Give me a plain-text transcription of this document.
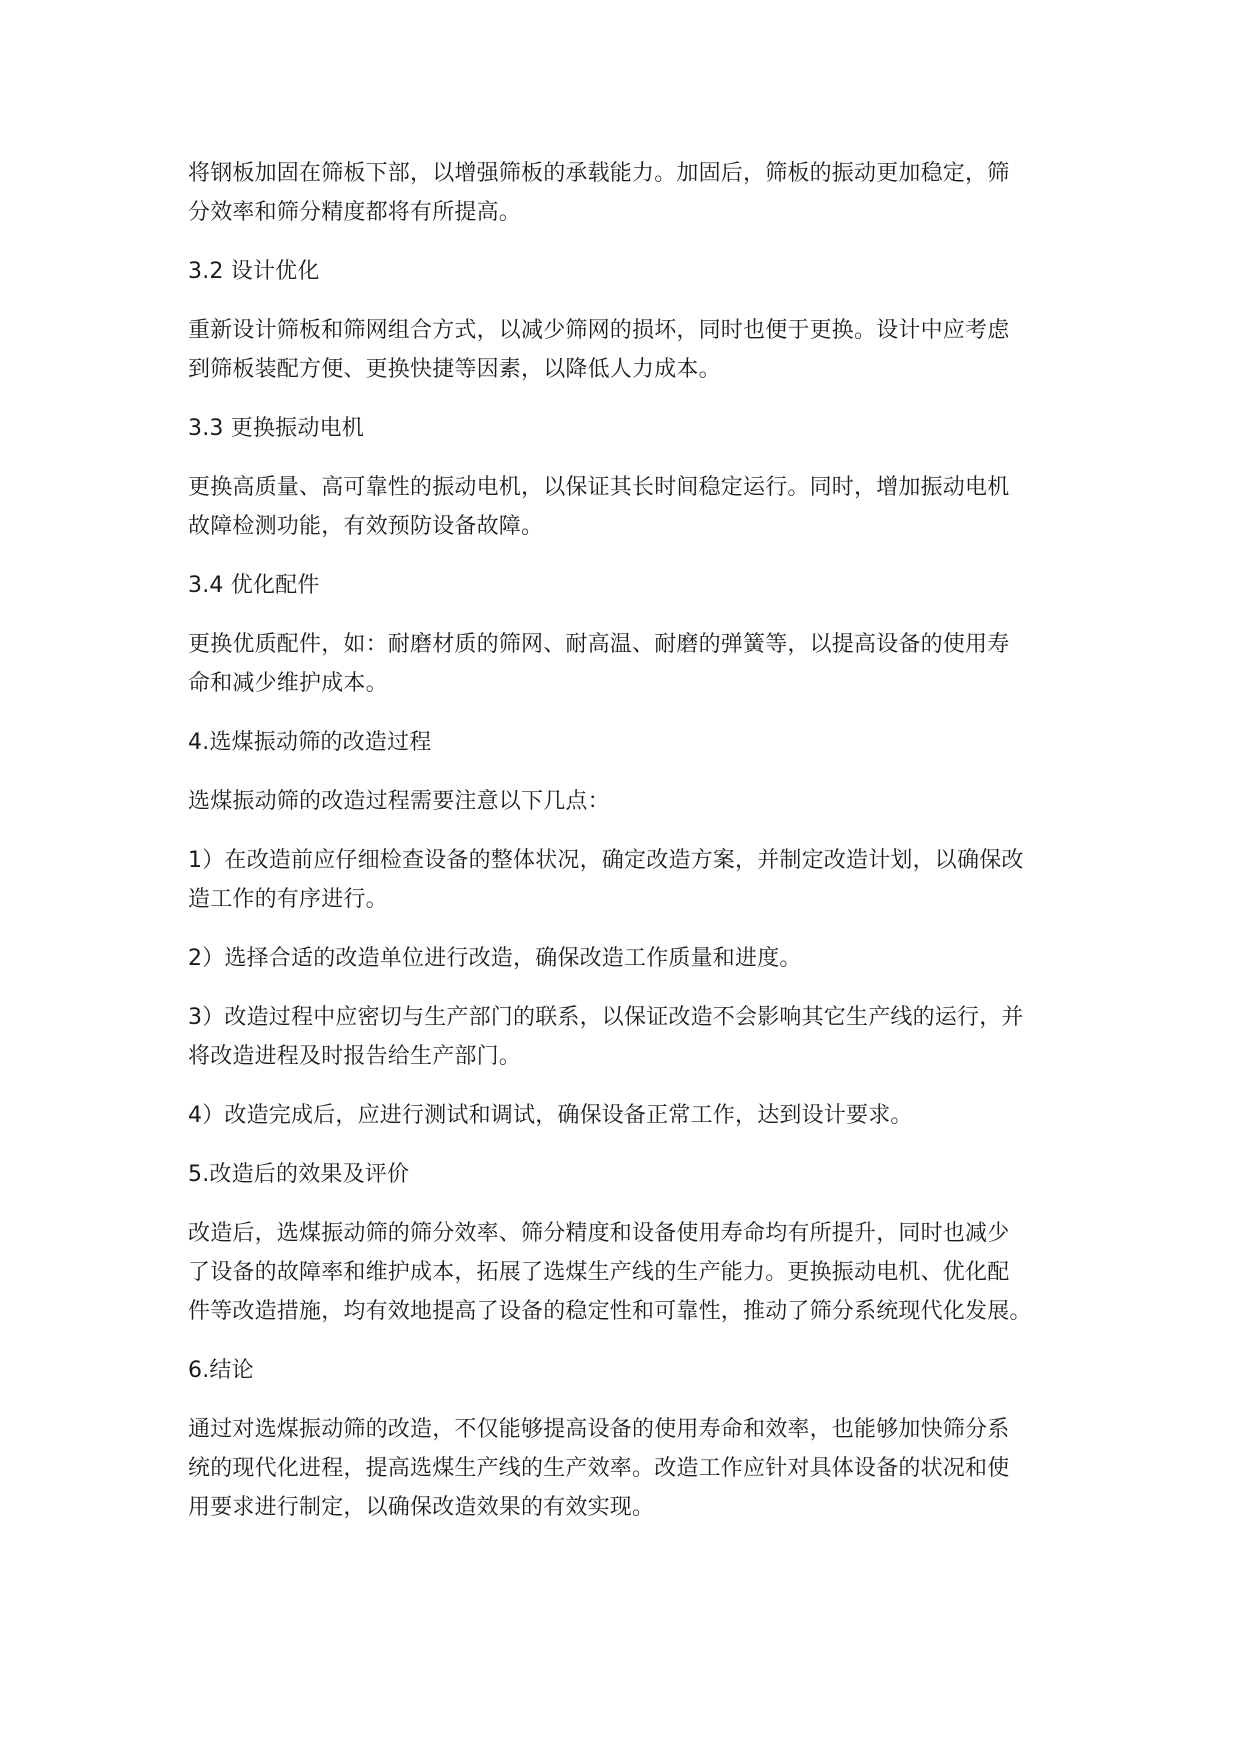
将钢板加固在筛板下部，以增强筛板的承载能力。加固后，筛板的振动更加稳定，筛
分效率和筛分精度都将有所提高。

3.2 设计优化

重新设计筛板和筛网组合方式，以减少筛网的损坏，同时也便于更换。设计中应考虑
到筛板装配方便、更换快捷等因素，以降低人力成本。

3.3 更换振动电机

更换高质量、高可靠性的振动电机，以保证其长时间稳定运行。同时，增加振动电机
故障检测功能，有效预防设备故障。

3.4 优化配件

更换优质配件，如：耐磨材质的筛网、耐高温、耐磨的弹簧等，以提高设备的使用寿
命和减少维护成本。

4.选煤振动筛的改造过程

选煤振动筛的改造过程需要注意以下几点：

1）在改造前应仔细检查设备的整体状况，确定改造方案，并制定改造计划，以确保改
造工作的有序进行。

2）选择合适的改造单位进行改造，确保改造工作质量和进度。

3）改造过程中应密切与生产部门的联系，以保证改造不会影响其它生产线的运行，并
将改造进程及时报告给生产部门。

4）改造完成后，应进行测试和调试，确保设备正常工作，达到设计要求。

5.改造后的效果及评价

改造后，选煤振动筛的筛分效率、筛分精度和设备使用寿命均有所提升，同时也减少
了设备的故障率和维护成本，拓展了选煤生产线的生产能力。更换振动电机、优化配
件等改造措施，均有效地提高了设备的稳定性和可靠性，推动了筛分系统现代化发展。

6.结论

通过对选煤振动筛的改造，不仅能够提高设备的使用寿命和效率，也能够加快筛分系
统的现代化进程，提高选煤生产线的生产效率。改造工作应针对具体设备的状况和使
用要求进行制定，以确保改造效果的有效实现。
